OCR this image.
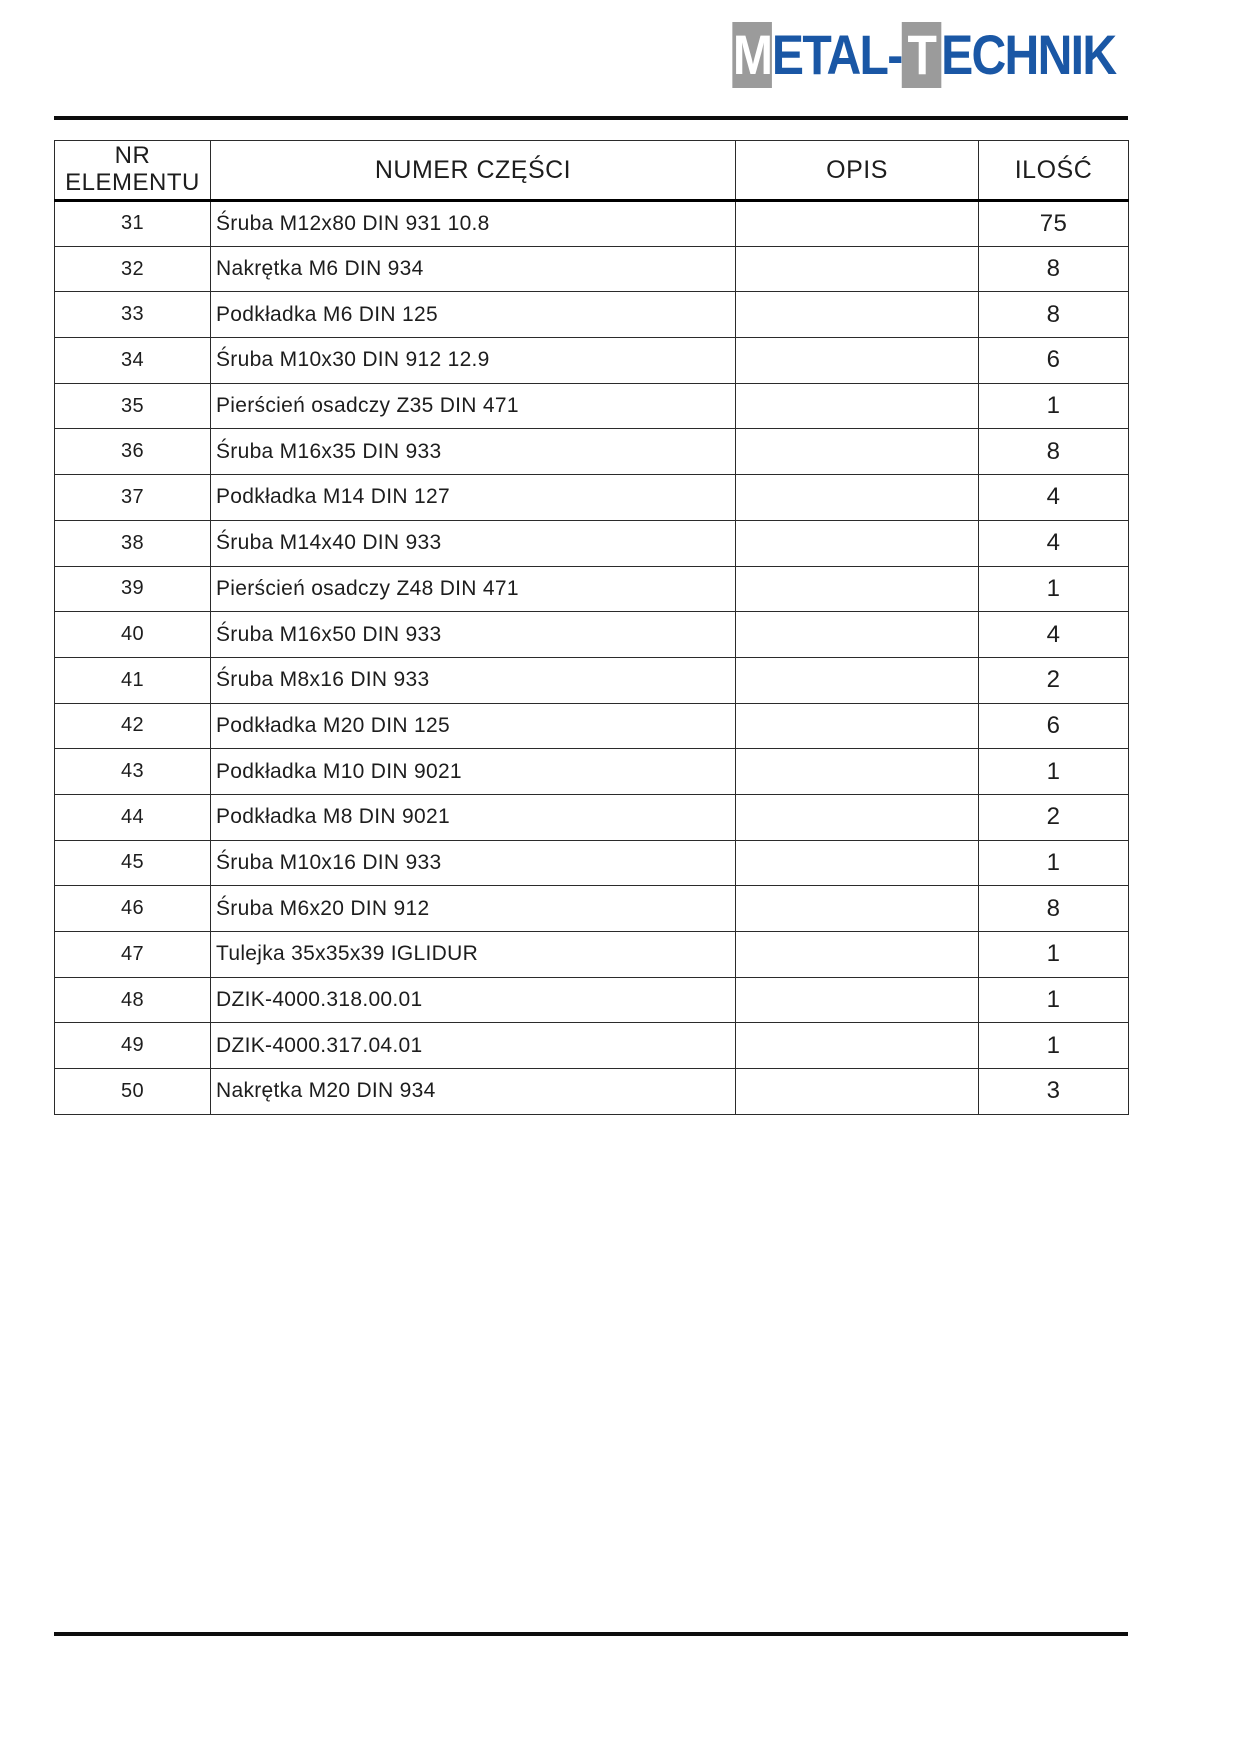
M ETAL- T ECHNIK
NR
ELEMENTU	NUMER CZĘŚCI	OPIS	ILOŚĆ
31	Śruba M12x80 DIN 931 10.8		75
32	Nakrętka M6 DIN 934		8
33	Podkładka M6 DIN 125		8
34	Śruba M10x30 DIN 912 12.9		6
35	Pierścień osadczy Z35 DIN 471		1
36	Śruba M16x35 DIN 933		8
37	Podkładka M14 DIN 127		4
38	Śruba M14x40 DIN 933		4
39	Pierścień osadczy Z48 DIN 471		1
40	Śruba M16x50 DIN 933		4
41	Śruba M8x16 DIN 933		2
42	Podkładka M20 DIN 125		6
43	Podkładka M10 DIN 9021		1
44	Podkładka M8 DIN 9021		2
45	Śruba M10x16 DIN 933		1
46	Śruba M6x20 DIN 912		8
47	Tulejka 35x35x39 IGLIDUR		1
48	DZIK-4000.318.00.01		1
49	DZIK-4000.317.04.01		1
50	Nakrętka M20 DIN 934		3
